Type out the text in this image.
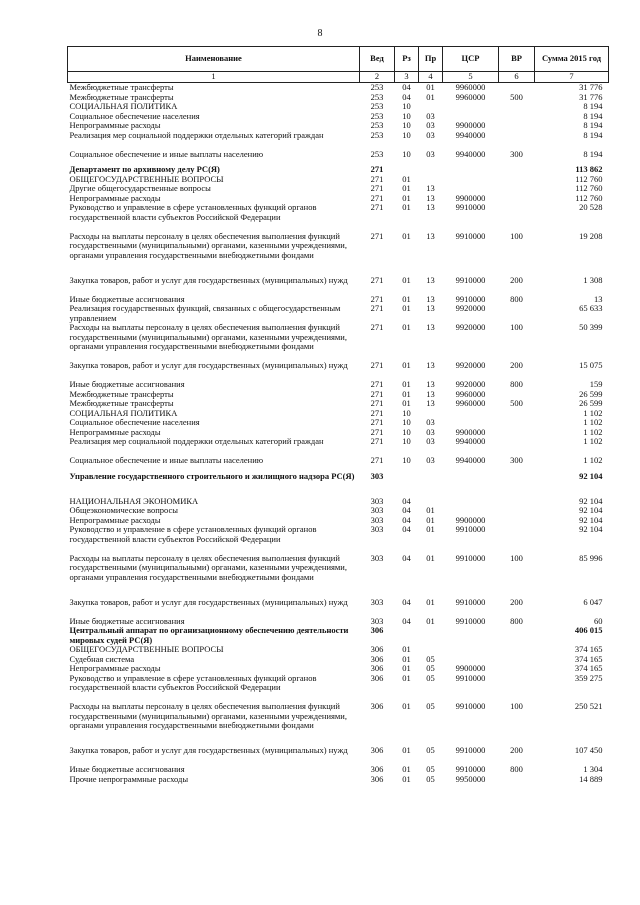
8
Наименование	Вед	Рз	Пр	ЦСР	ВР	Сумма 2015 год
1	2	3	4	5	6	7
Межбюджетные трансферты	253	04	01	9960000		31 776
Межбюджетные трансферты	253	04	01	9960000	500	31 776
СОЦИАЛЬНАЯ ПОЛИТИКА	253	10				8 194
Социальное обеспечение населения	253	10	03			8 194
Непрограммные расходы	253	10	03	9900000		8 194
Реализация мер социальной поддержки отдельных категорий граждан	253	10	03	9940000		8 194
Социальное обеспечение и иные выплаты населению	253	10	03	9940000	300	8 194
Департамент по архивному делу РС(Я)	271					113 862
ОБЩЕГОСУДАРСТВЕННЫЕ ВОПРОСЫ	271	01				112 760
Другие общегосударственные вопросы	271	01	13			112 760
Непрограммные расходы	271	01	13	9900000		112 760
Руководство и управление в сфере установленных функций органов государственной власти субъектов Российской Федерации	271	01	13	9910000		20 528
Расходы на выплаты персоналу в целях обеспечения выполнения функций государственными (муниципальными) органами, казенными учреждениями, органами управления государственными внебюджетными фондами	271	01	13	9910000	100	19 208
Закупка товаров, работ и услуг для государственных (муниципальных) нужд	271	01	13	9910000	200	1 308
Иные бюджетные ассигнования	271	01	13	9910000	800	13
Реализация государственных функций, связанных с общегосударственным управлением	271	01	13	9920000		65 633
Расходы на выплаты персоналу в целях обеспечения выполнения функций государственными (муниципальными) органами, казенными учреждениями, органами управления государственными внебюджетными фондами	271	01	13	9920000	100	50 399
Закупка товаров, работ и услуг для государственных (муниципальных) нужд	271	01	13	9920000	200	15 075
Иные бюджетные ассигнования	271	01	13	9920000	800	159
Межбюджетные трансферты	271	01	13	9960000		26 599
Межбюджетные трансферты	271	01	13	9960000	500	26 599
СОЦИАЛЬНАЯ ПОЛИТИКА	271	10				1 102
Социальное обеспечение населения	271	10	03			1 102
Непрограммные расходы	271	10	03	9900000		1 102
Реализация мер социальной поддержки отдельных категорий граждан	271	10	03	9940000		1 102
Социальное обеспечение и иные выплаты населению	271	10	03	9940000	300	1 102
Управление государственного строительного и жилищного надзора РС(Я)	303					92 104
НАЦИОНАЛЬНАЯ ЭКОНОМИКА	303	04				92 104
Общеэкономические вопросы	303	04	01			92 104
Непрограммные расходы	303	04	01	9900000		92 104
Руководство и управление в сфере установленных функций органов государственной власти субъектов Российской Федерации	303	04	01	9910000		92 104
Расходы на выплаты персоналу в целях обеспечения выполнения функций государственными (муниципальными) органами, казенными учреждениями, органами управления государственными внебюджетными фондами	303	04	01	9910000	100	85 996
Закупка товаров, работ и услуг для государственных (муниципальных) нужд	303	04	01	9910000	200	6 047
Иные бюджетные ассигнования	303	04	01	9910000	800	60
Центральный аппарат по организационному обеспечению деятельности мировых судей РС(Я)	306					406 015
ОБЩЕГОСУДАРСТВЕННЫЕ ВОПРОСЫ	306	01				374 165
Судебная система	306	01	05			374 165
Непрограммные расходы	306	01	05	9900000		374 165
Руководство и управление в сфере установленных функций органов государственной власти субъектов Российской Федерации	306	01	05	9910000		359 275
Расходы на выплаты персоналу в целях обеспечения выполнения функций государственными (муниципальными) органами, казенными учреждениями, органами управления государственными внебюджетными фондами	306	01	05	9910000	100	250 521
Закупка товаров, работ и услуг для государственных (муниципальных) нужд	306	01	05	9910000	200	107 450
Иные бюджетные ассигнования	306	01	05	9910000	800	1 304
Прочие непрограммные расходы	306	01	05	9950000		14 889
